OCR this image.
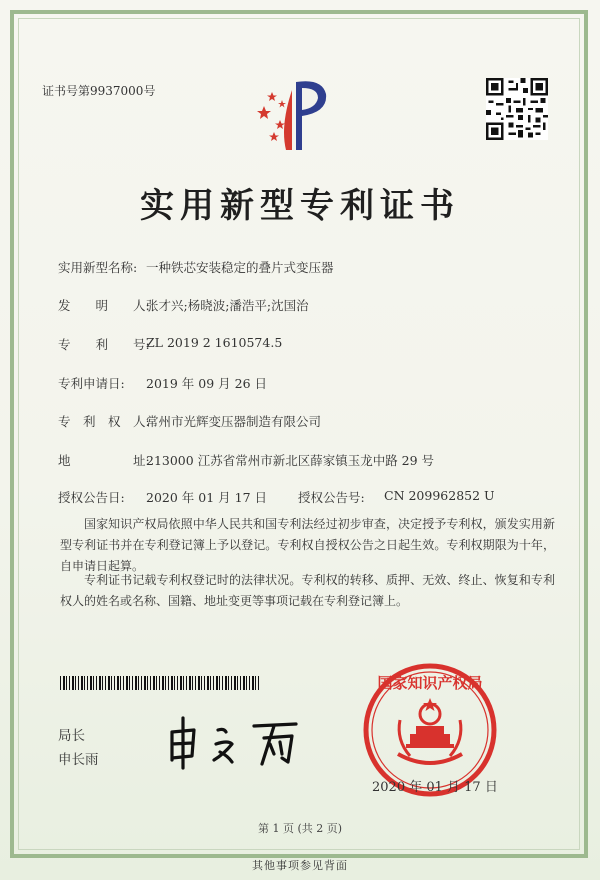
证书号第9937000号
实用新型专利证书
实用新型名称: 一种铁芯安装稳定的叠片式变压器
发　　明　　人:
张才兴;杨晓波;潘浩平;沈国治
专　　利　　号:
ZL 2019 2 1610574.5
专利申请日: 2019 年 09 月 26 日
专　利　权　人:
常州市光辉变压器制造有限公司
地　　　　　址:
213000 江苏省常州市新北区薛家镇玉龙中路 29 号
授权公告日: 2020 年 01 月 17 日 授权公告号: CN 209962852 U
国家知识产权局依照中华人民共和国专利法经过初步审查，决定授予专利权，颁发实用新型专利证书并在专利登记簿上予以登记。专利权自授权公告之日起生效。专利权期限为十年，自申请日起算。
专利证书记载专利权登记时的法律状况。专利权的转移、质押、无效、终止、恢复和专利权人的姓名或名称、国籍、地址变更等事项记载在专利登记簿上。
局长
申长雨
国家知识产权局
2020 年 01 月 17 日
第 1 页 (共 2 页)
其他事项参见背面
